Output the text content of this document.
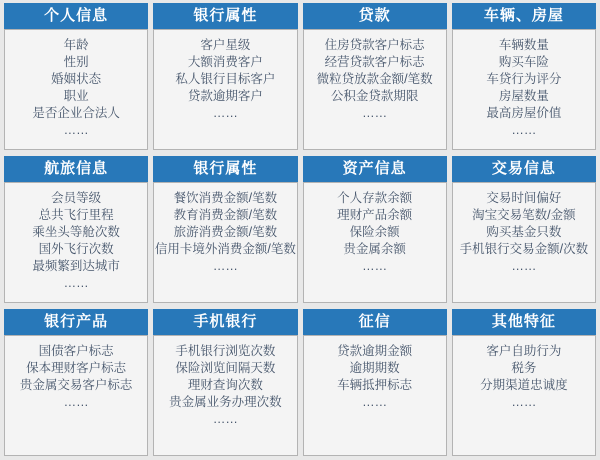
个人信息
年龄
性别
婚姻状态
职业
是否企业合法人
……
银行属性
客户星级
大额消费客户
私人银行目标客户
贷款逾期客户
……
贷款
住房贷款客户标志
经营贷款客户标志
微粒贷放款金额/笔数
公积金贷款期限
……
车辆、房屋
车辆数量
购买车险
车贷行为评分
房屋数量
最高房屋价值
……
航旅信息
会员等级
总共飞行里程
乘坐头等舱次数
国外飞行次数
最频繁到达城市
……
银行属性
餐饮消费金额/笔数
教育消费金额/笔数
旅游消费金额/笔数
信用卡境外消费金额/笔数
……
资产信息
个人存款余额
理财产品余额
保险余额
贵金属余额
……
交易信息
交易时间偏好
淘宝交易笔数/金额
购买基金只数
手机银行交易金额/次数
……
银行产品
国债客户标志
保本理财客户标志
贵金属交易客户标志
……
手机银行
手机银行浏览次数
保险浏览间隔天数
理财查询次数
贵金属业务办理次数
……
征信
贷款逾期金额
逾期期数
车辆抵押标志
……
其他特征
客户自助行为
税务
分期渠道忠诚度
……
